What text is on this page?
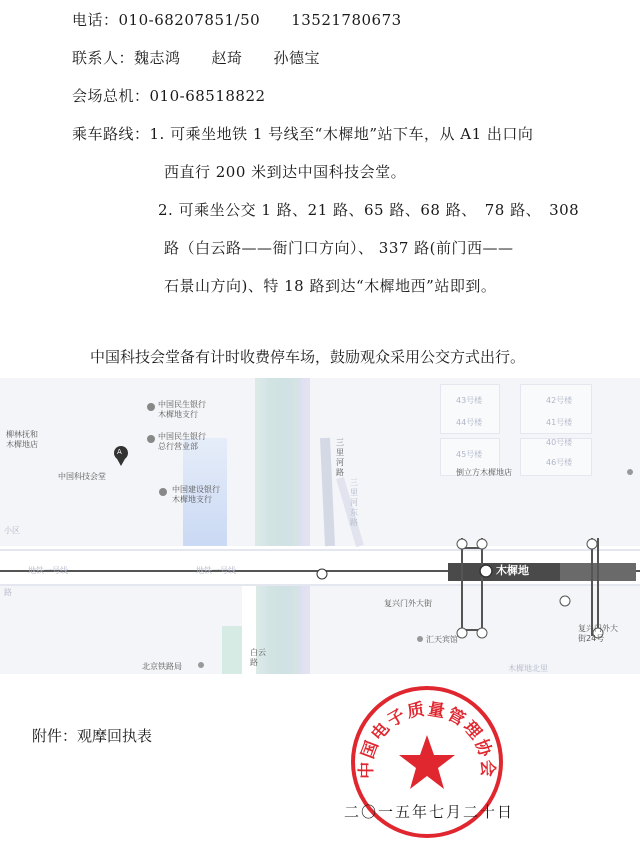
电话：010-68207851/50　　13521780673
联系人：魏志鸿　　赵琦　　孙德宝
会场总机：010-68518822
乘车路线：1. 可乘坐地铁 1 号线至“木樨地”站下车，从 A1 出口向
西直行 200 米到达中国科技会堂。
2. 可乘坐公交 1 路、21 路、65 路、68 路、　78 路、　308
路（白云路——衙门口方向）、 337 路(前门西——
石景山方向)、特 18 路到达“木樨地西”站即到。
中国科技会堂备有计时收费停车场，鼓励观众采用公交方式出行。
中国民生银行
木樨地支行
中国民生银行
总行营业部
中国建设银行
木樨地支行
柳林抚和
木樨地店
中国科技会堂
A
三里河路
三里河东路
倒立方木樨地店
地铁一号线	地铁一号线	木樨地
复兴门外大街
复兴门外大
街24号
汇天宾馆
白云
路
北京铁路局	木樨地北里
小区
路
43号楼	42号楼
44号楼
45号楼
41号楼
40号楼
46号楼
附件：观摩回执表
中国电子质量管理协会
二〇一五年七月二十日
